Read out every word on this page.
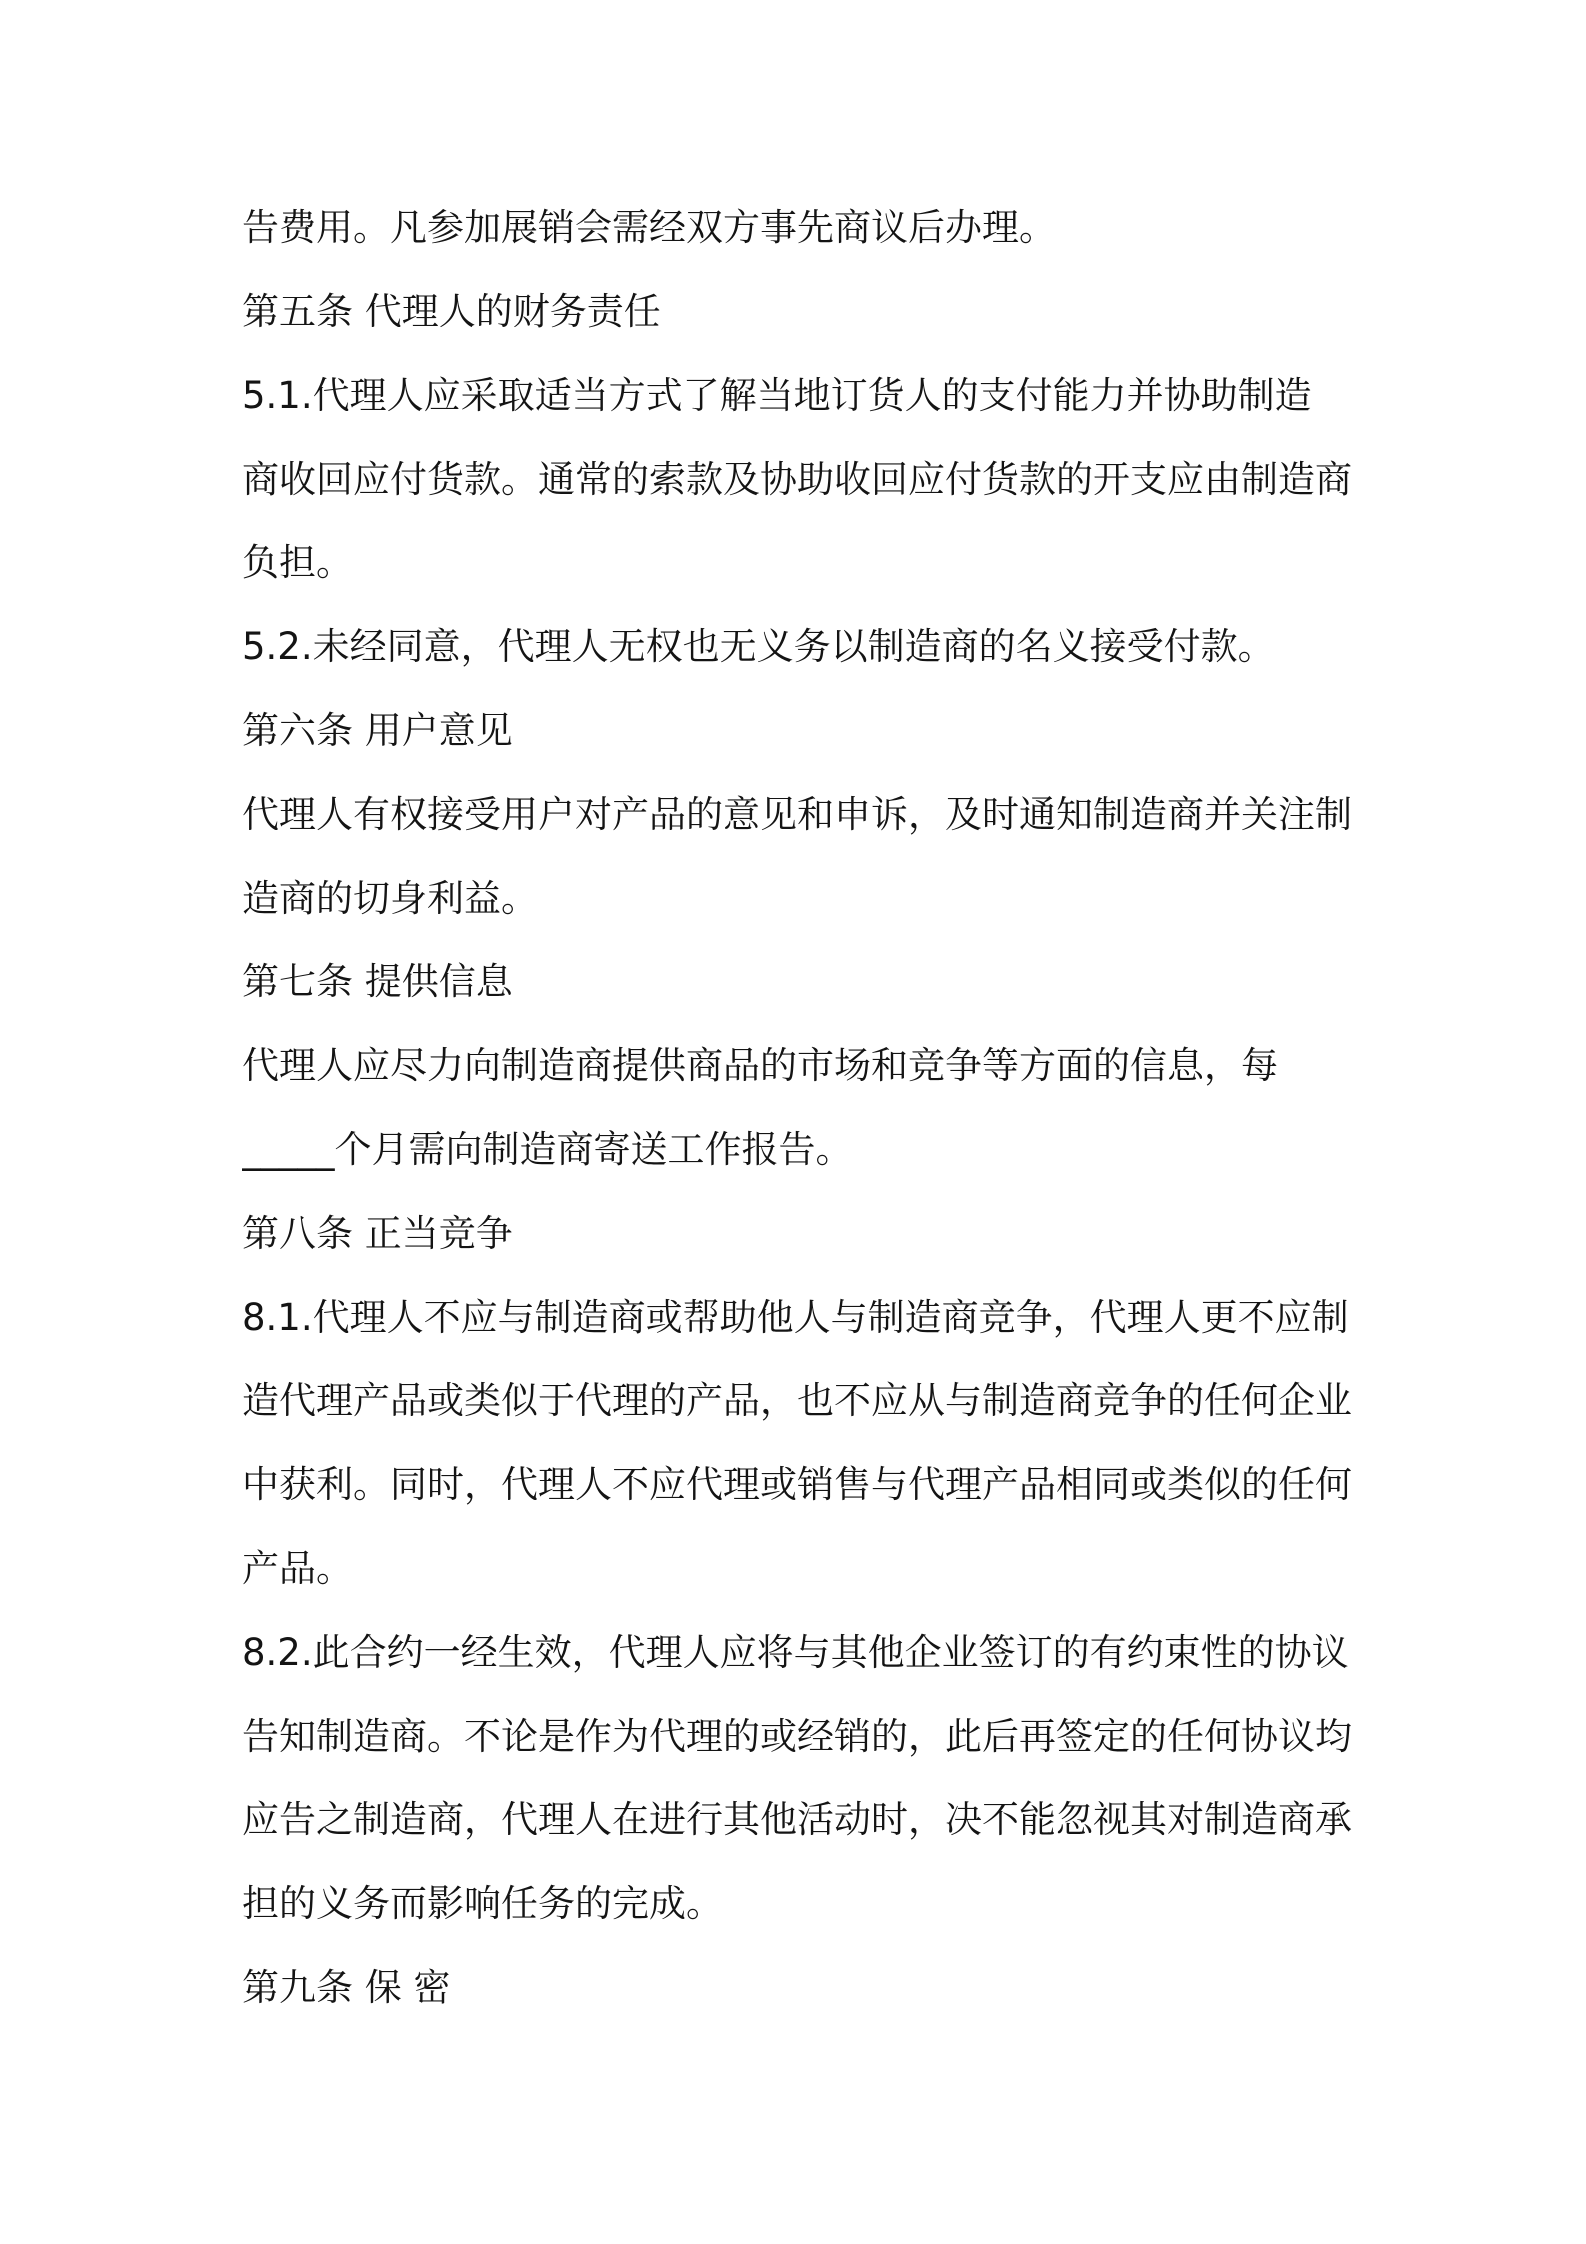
告费用。凡参加展销会需经双方事先商议后办理。
第五条 代理人的财务责任
5.1.代理人应采取适当方式了解当地订货人的支付能力并协助制造
商收回应付货款。通常的索款及协助收回应付货款的开支应由制造商
负担。
5.2.未经同意，代理人无权也无义务以制造商的名义接受付款。
第六条 用户意见
代理人有权接受用户对产品的意见和申诉，及时通知制造商并关注制
造商的切身利益。
第七条 提供信息
代理人应尽力向制造商提供商品的市场和竞争等方面的信息，每
_____个月需向制造商寄送工作报告。
第八条 正当竞争
8.1.代理人不应与制造商或帮助他人与制造商竞争，代理人更不应制
造代理产品或类似于代理的产品，也不应从与制造商竞争的任何企业
中获利。同时，代理人不应代理或销售与代理产品相同或类似的任何
产品。
8.2.此合约一经生效，代理人应将与其他企业签订的有约束性的协议
告知制造商。不论是作为代理的或经销的，此后再签定的任何协议均
应告之制造商，代理人在进行其他活动时，决不能忽视其对制造商承
担的义务而影响任务的完成。
第九条 保 密
